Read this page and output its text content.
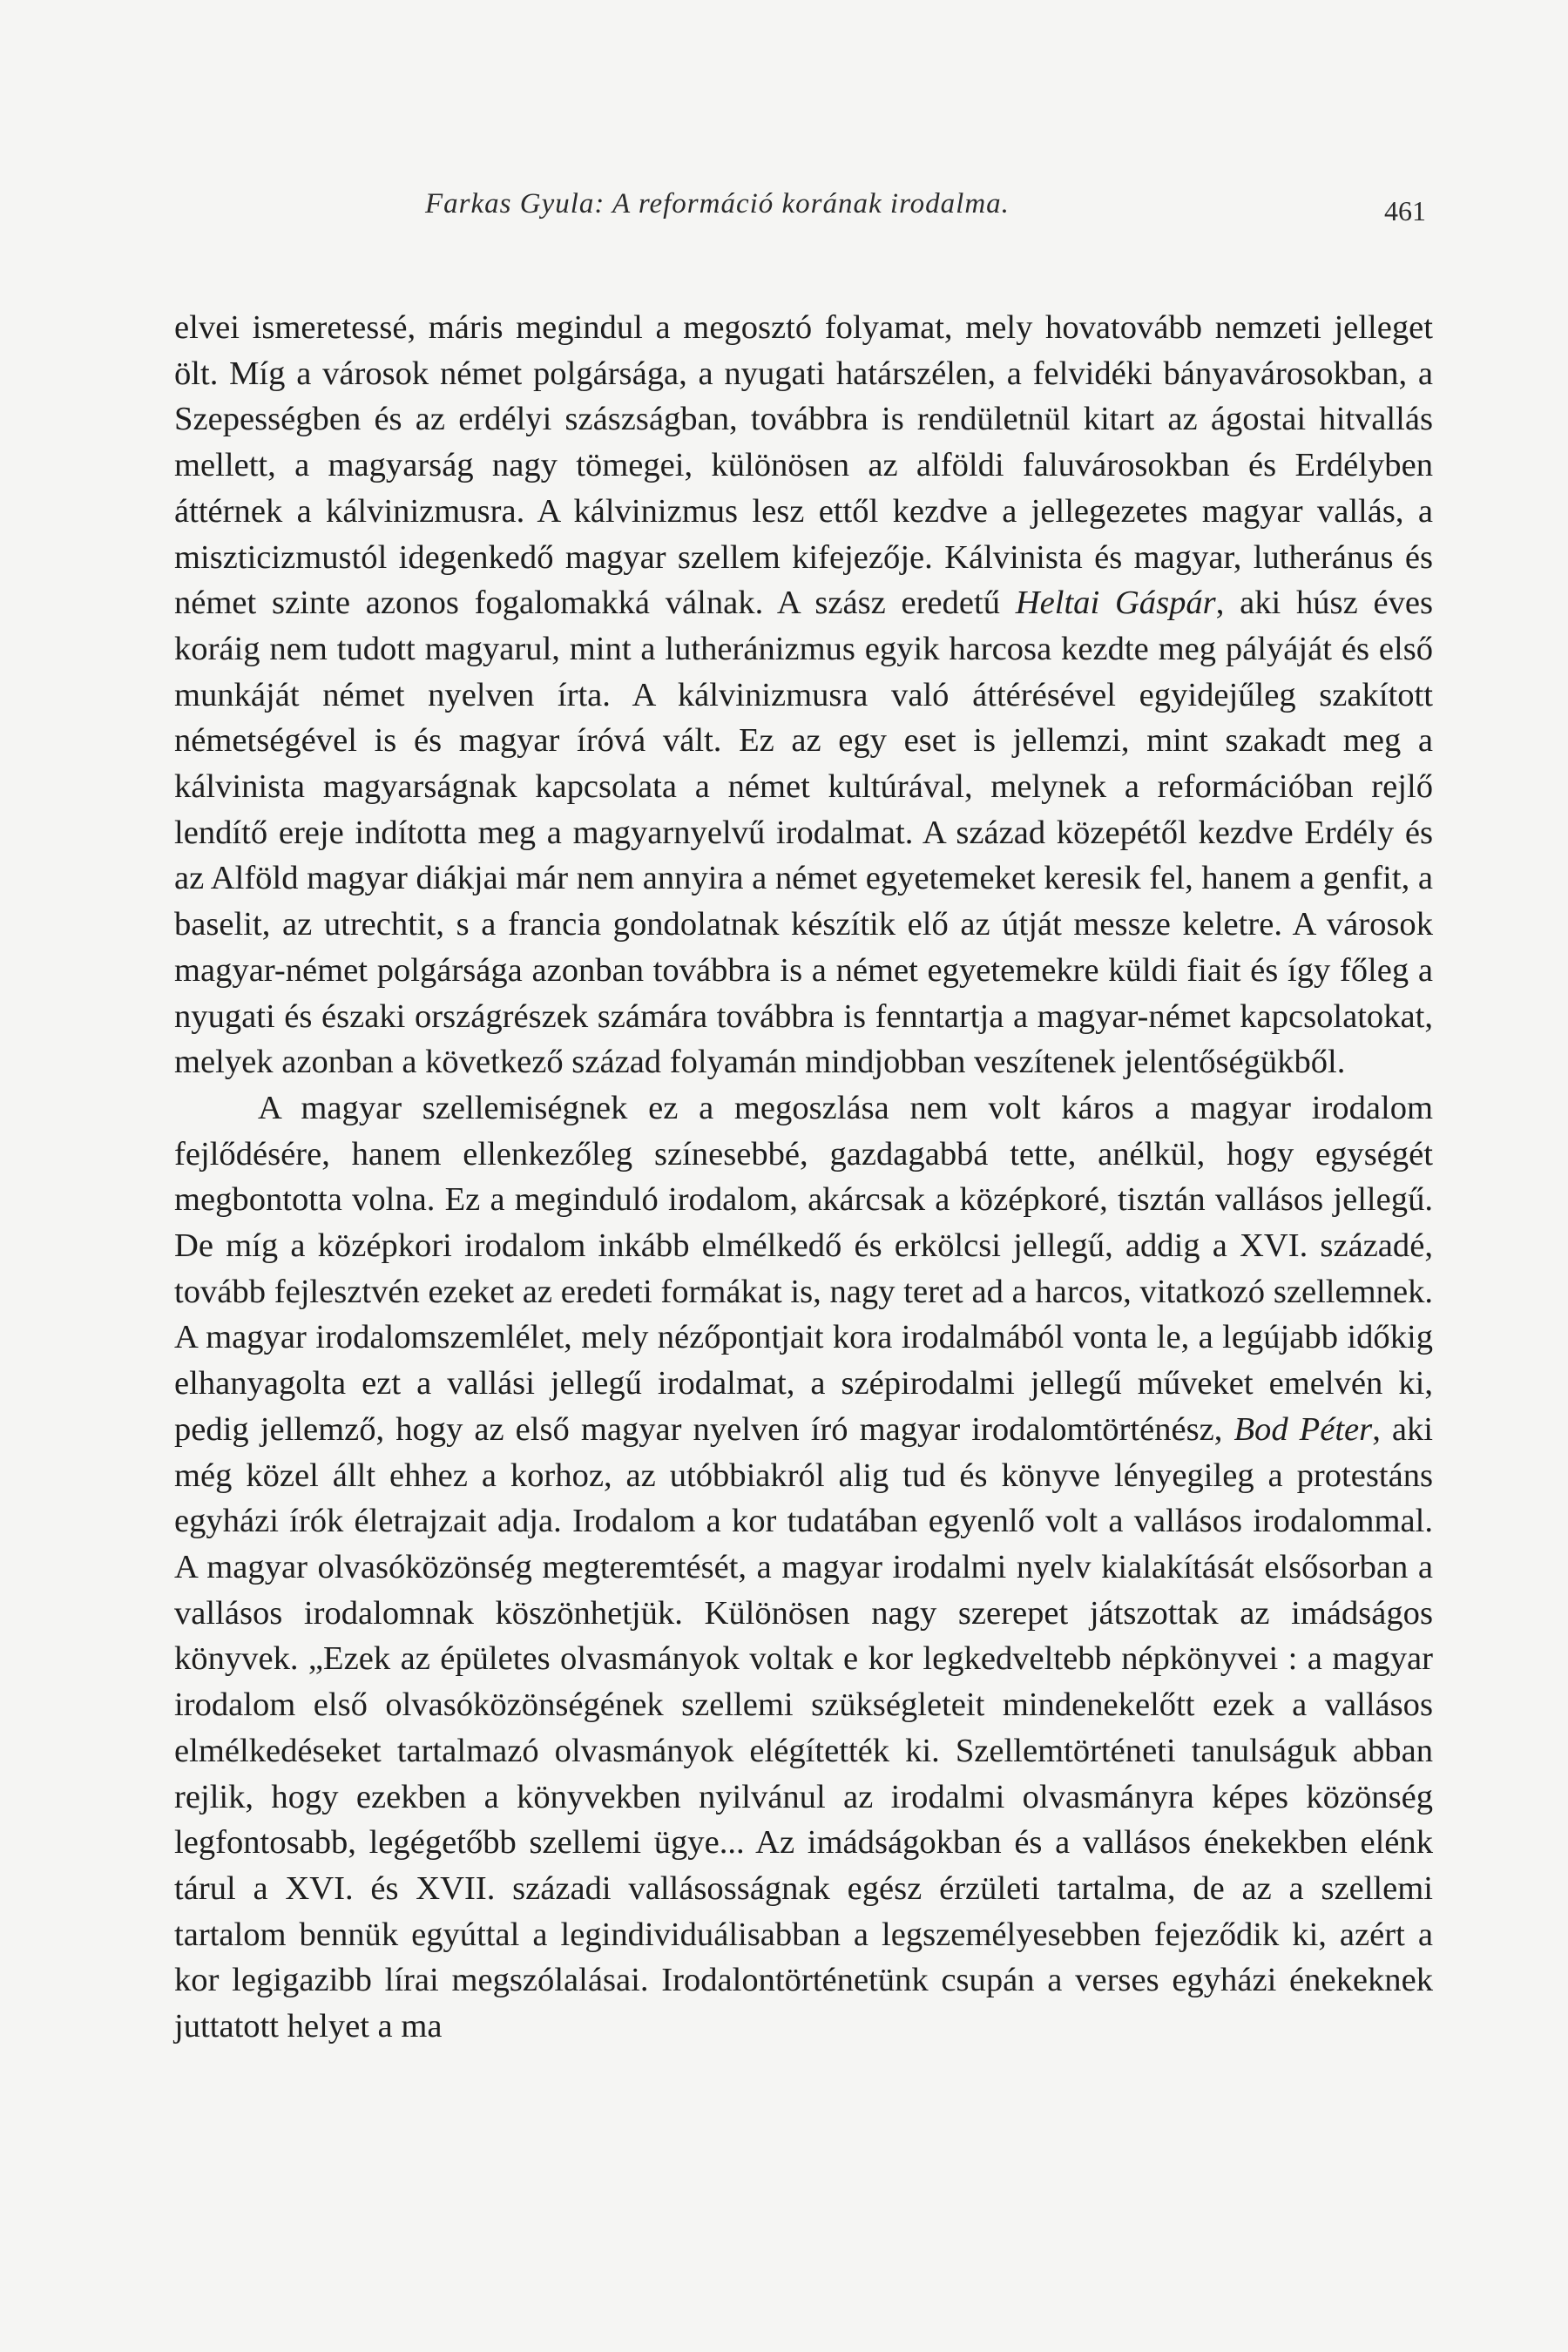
Farkas Gyula: A reformáció korának irodalma.	461

elvei ismeretessé, máris megindul a megosztó folyamat, mely hovatovább nemzeti jelleget ölt. Míg a városok német polgársága, a nyugati határszélen, a felvidéki bányavárosokban, a Szepességben és az erdélyi szászságban, továbbra is rendületnül kitart az ágostai hitvallás mellett, a magyarság nagy tömegei, különösen az alföldi faluvárosokban és Erdélyben áttérnek a kálvinizmusra. A kálvinizmus lesz ettől kezdve a jellegezetes magyar vallás, a miszticizmustól idegenkedő magyar szellem kifejezője. Kálvinista és magyar, lutheránus és német szinte azonos fogalomakká válnak. A szász eredetű Heltai Gáspár, aki húsz éves koráig nem tudott magyarul, mint a lutheránizmus egyik harcosa kezdte meg pályáját és első munkáját német nyelven írta. A kálvinizmusra való áttérésével egyidejűleg szakított németségével is és magyar íróvá vált. Ez az egy eset is jellemzi, mint szakadt meg a kálvinista magyarságnak kapcsolata a német kultúrával, melynek a reformációban rejlő lendítő ereje indította meg a magyarnyelvű irodalmat. A század közepétől kezdve Erdély és az Alföld magyar diákjai már nem annyira a német egyetemeket keresik fel, hanem a genfit, a baselit, az utrechtit, s a francia gondolatnak készítik elő az útját messze keletre. A városok magyar-német polgársága azonban továbbra is a német egyetemekre küldi fiait és így főleg a nyugati és északi országrészek számára továbbra is fenntartja a magyar-német kapcsolatokat, melyek azonban a következő század folyamán mindjobban veszítenek jelentőségükből.

A magyar szellemiségnek ez a megoszlása nem volt káros a magyar irodalom fejlődésére, hanem ellenkezőleg színesebbé, gazdagabbá tette, anélkül, hogy egységét megbontotta volna. Ez a meginduló irodalom, akárcsak a középkoré, tisztán vallásos jellegű. De míg a középkori irodalom inkább elmélkedő és erkölcsi jellegű, addig a XVI. századé, tovább fejlesztvén ezeket az eredeti formákat is, nagy teret ad a harcos, vitatkozó szellemnek. A magyar irodalomszemlélet, mely nézőpontjait kora irodalmából vonta le, a legújabb időkig elhanyagolta ezt a vallási jellegű irodalmat, a szépirodalmi jellegű műveket emelvén ki, pedig jellemző, hogy az első magyar nyelven író magyar irodalomtörténész, Bod Péter, aki még közel állt ehhez a korhoz, az utóbbiakról alig tud és könyve lényegileg a protestáns egyházi írók életrajzait adja. Irodalom a kor tudatában egyenlő volt a vallásos irodalommal. A magyar olvasóközönség megteremtését, a magyar irodalmi nyelv kialakítását elsősorban a vallásos irodalomnak köszönhetjük. Különösen nagy szerepet játszottak az imádságos könyvek. „Ezek az épületes olvasmányok voltak e kor legkedveltebb népkönyvei : a magyar irodalom első olvasóközönségének szellemi szükségleteit mindenekelőtt ezek a vallásos elmélkedéseket tartalmazó olvasmányok elégítették ki. Szellemtörténeti tanulságuk abban rejlik, hogy ezekben a könyvekben nyilvánul az irodalmi olvasmányra képes közönség legfontosabb, legégetőbb szellemi ügye... Az imádságokban és a vallásos énekekben elénk tárul a XVI. és XVII. századi vallásosságnak egész érzületi tartalma, de az a szellemi tartalom bennük egyúttal a legindividuálisabban a legszemélyesebben fejeződik ki, azért a kor legigazibb lírai megszólalásai. Irodalontörténetünk csupán a verses egyházi énekeknek juttatott helyet a ma
